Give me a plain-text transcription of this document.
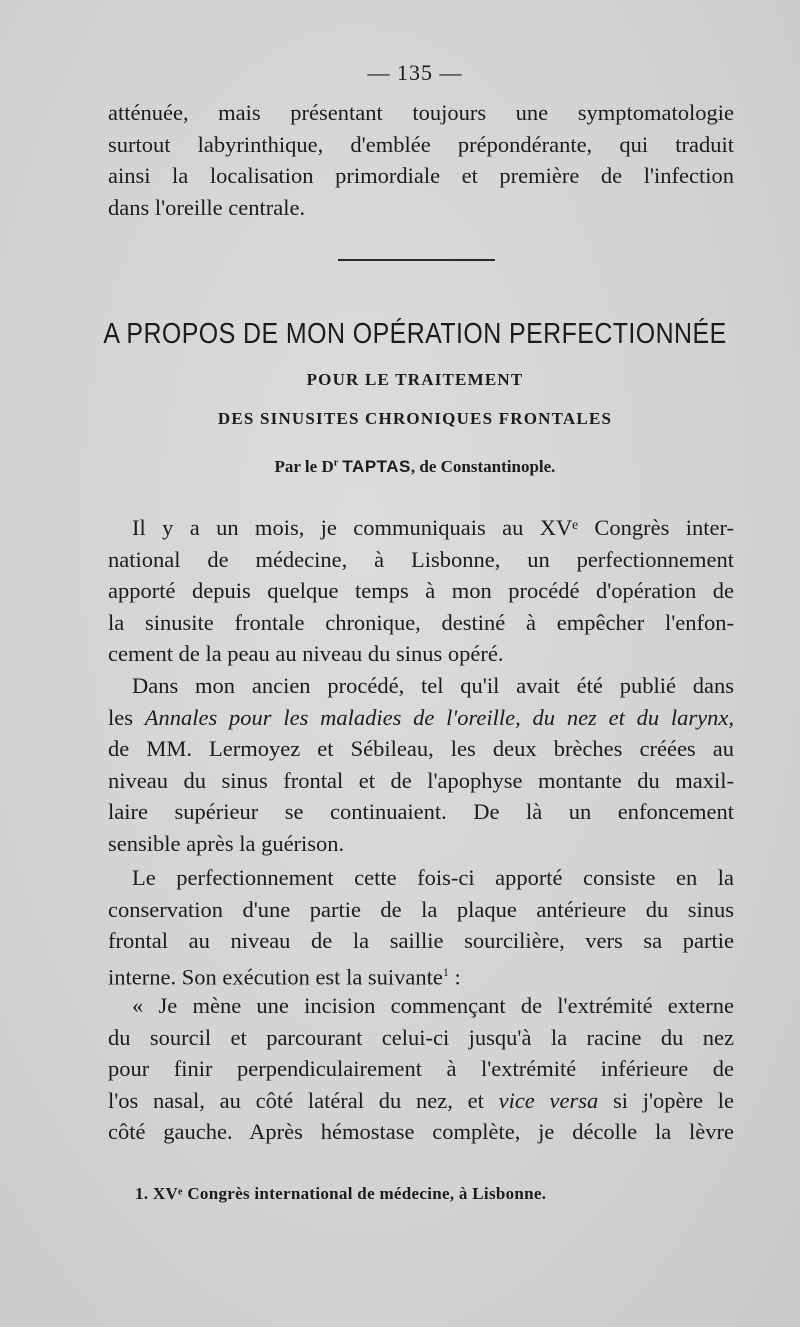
— 135 —
atténuée, mais présentant toujours une symptomatologie
surtout labyrinthique, d'emblée prépondérante, qui traduit
ainsi la localisation primordiale et première de l'infection
dans l'oreille centrale.
A PROPOS DE MON OPÉRATION PERFECTIONNÉE
POUR LE TRAITEMENT
DES SINUSITES CHRONIQUES FRONTALES
Par le $D^r$ TAPTAS, de Constantinople.
Il y a un mois, je communiquais au XVᵉ Congrès inter-
national de médecine, à Lisbonne, un perfectionnement
apporté depuis quelque temps à mon procédé d'opération de
la sinusite frontale chronique, destiné à empêcher l'enfon-
cement de la peau au niveau du sinus opéré.
Dans mon ancien procédé, tel qu'il avait été publié dans
les Annales pour les maladies de l'oreille, du nez et du larynx,
de MM. Lermoyez et Sébileau, les deux brèches créées au
niveau du sinus frontal et de l'apophyse montante du maxil-
laire supérieur se continuaient. De là un enfoncement
sensible après la guérison.
Le perfectionnement cette fois-ci apporté consiste en la
conservation d'une partie de la plaque antérieure du sinus
frontal au niveau de la saillie sourcilière, vers sa partie
interne. Son exécution est la suivante$^1$ :
« Je mène une incision commençant de l'extrémité externe
du sourcil et parcourant celui-ci jusqu'à la racine du nez
pour finir perpendiculairement à l'extrémité inférieure de
l'os nasal, au côté latéral du nez, et vice versa si j'opère le
côté gauche. Après hémostase complète, je décolle la lèvre
1. XVᵉ Congrès international de médecine, à Lisbonne.
